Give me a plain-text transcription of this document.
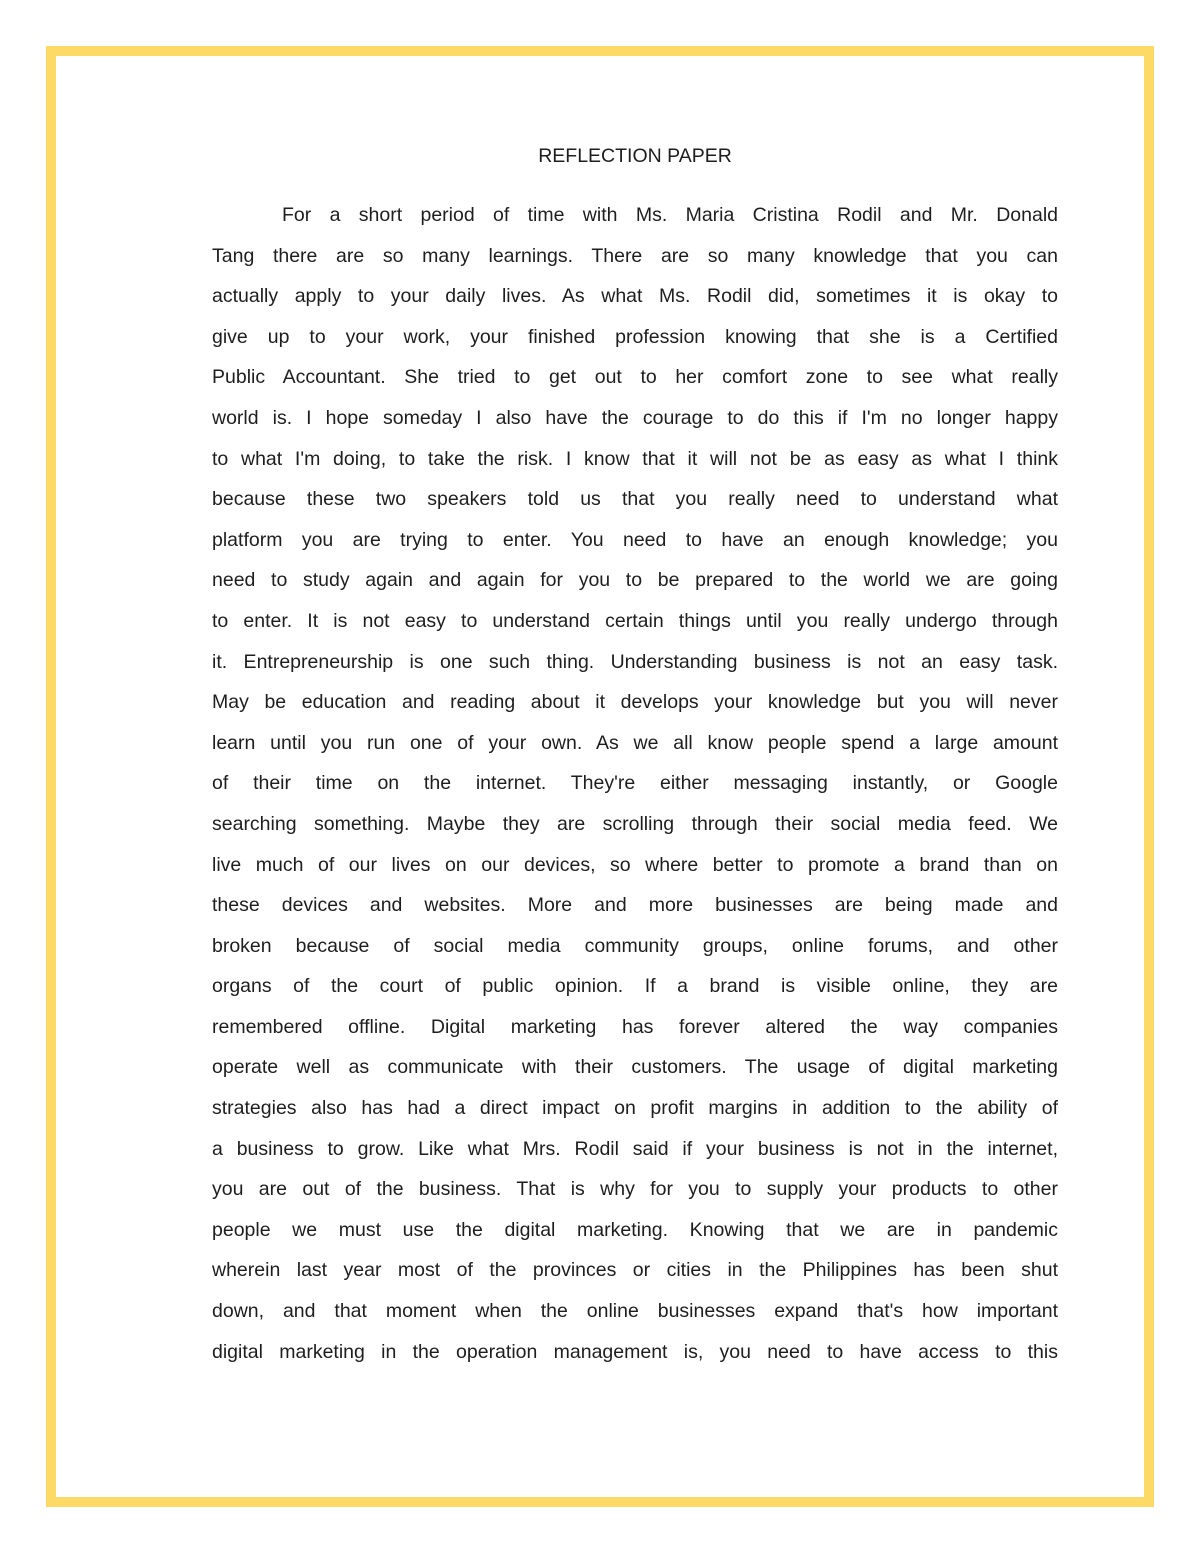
REFLECTION PAPER
For a short period of time with Ms. Maria Cristina Rodil and Mr. Donald
Tang there are so many learnings. There are so many knowledge that you can
actually apply to your daily lives. As what Ms. Rodil did, sometimes it is okay to
give up to your work, your finished profession knowing that she is a Certified
Public Accountant. She tried to get out to her comfort zone to see what really
world is. I hope someday I also have the courage to do this if I'm no longer happy
to what I'm doing, to take the risk. I know that it will not be as easy as what I think
because these two speakers told us that you really need to understand what
platform you are trying to enter. You need to have an enough knowledge; you
need to study again and again for you to be prepared to the world we are going
to enter. It is not easy to understand certain things until you really undergo through
it. Entrepreneurship is one such thing. Understanding business is not an easy task.
May be education and reading about it develops your knowledge but you will never
learn until you run one of your own. As we all know people spend a large amount
of their time on the internet. They're either messaging instantly, or Google
searching something. Maybe they are scrolling through their social media feed. We
live much of our lives on our devices, so where better to promote a brand than on
these devices and websites. More and more businesses are being made and
broken because of social media community groups, online forums, and other
organs of the court of public opinion. If a brand is visible online, they are
remembered offline. Digital marketing has forever altered the way companies
operate well as communicate with their customers. The usage of digital marketing
strategies also has had a direct impact on profit margins in addition to the ability of
a business to grow. Like what Mrs. Rodil said if your business is not in the internet,
you are out of the business. That is why for you to supply your products to other
people we must use the digital marketing. Knowing that we are in pandemic
wherein last year most of the provinces or cities in the Philippines has been shut
down, and that moment when the online businesses expand that's how important
digital marketing in the operation management is, you need to have access to this
